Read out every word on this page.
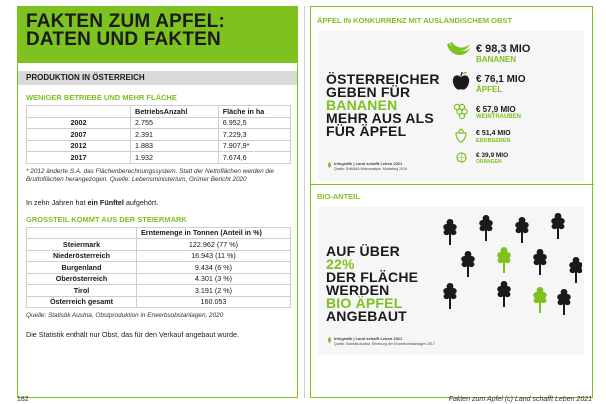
FAKTEN ZUM APFEL:
DATEN UND FAKTEN
PRODUKTION IN ÖSTERREICH
WENIGER BETRIEBE UND MEHR FLÄCHE
	BetriebsAnzahl	Fläche in ha
2002	2.755	6.952,5
2007	2.391	7.229,3
2012	1.883	7.907,9*
2017	1.932	7.674,6
* 2012 änderte S.A. das Flächenberechnungssystem. Statt der Nettoflächen werden die Bruttoflächen herangezogen. Quelle: Lebensministerium, Grüner Bericht 2020
In zehn Jahren hat ein Fünftel aufgehört.
GROSSTEIL KOMMT AUS DER STEIERMARK
	Erntemenge in Tonnen (Anteil in %)
Steiermark	122.962 (77 %)
Niederösterreich	16.943 (11 %)
Burgenland	9.434 (6 %)
Oberösterreich	4.301 (3 %)
Tirol	3.191 (2 %)
Österreich gesamt	160.053
Quelle: Statistik Austria, Obstproduktion in Erwerbsobstanlagen, 2020
Die Statistik enthält nur Obst, das für den Verkauf angebaut wurde.
ÄPFEL IN KONKURRENZ MIT AUSLÄNDISCHEM OBST
ÖSTERREICHER
GEBEN FÜR
BANANEN
MEHR AUS ALS
FÜR ÄPFEL
€ 98,3 MIO
BANANEN
€ 76,1 MIO
ÄPFEL
€ 57,9 MIO
WEINTRAUBEN
€ 51,4 MIO
ERDBEEREN
€ 39,9 MIO
ORANGEN
Infografik | Land schafft Leben 2021
Quelle: RollAMA Motivanalyse, Marketing 2016
BIO-ANTEIL
AUF ÜBER
22%
DER FLÄCHE
WERDEN
BIO ÄPFEL
ANGEBAUT
Infografik | Land schafft Leben 2021
Quelle: Statistik Austria, Erhebung der Erwerbsobstanlagen 2017
182	Fakten zum Apfel (c) Land schafft Leben 2021
